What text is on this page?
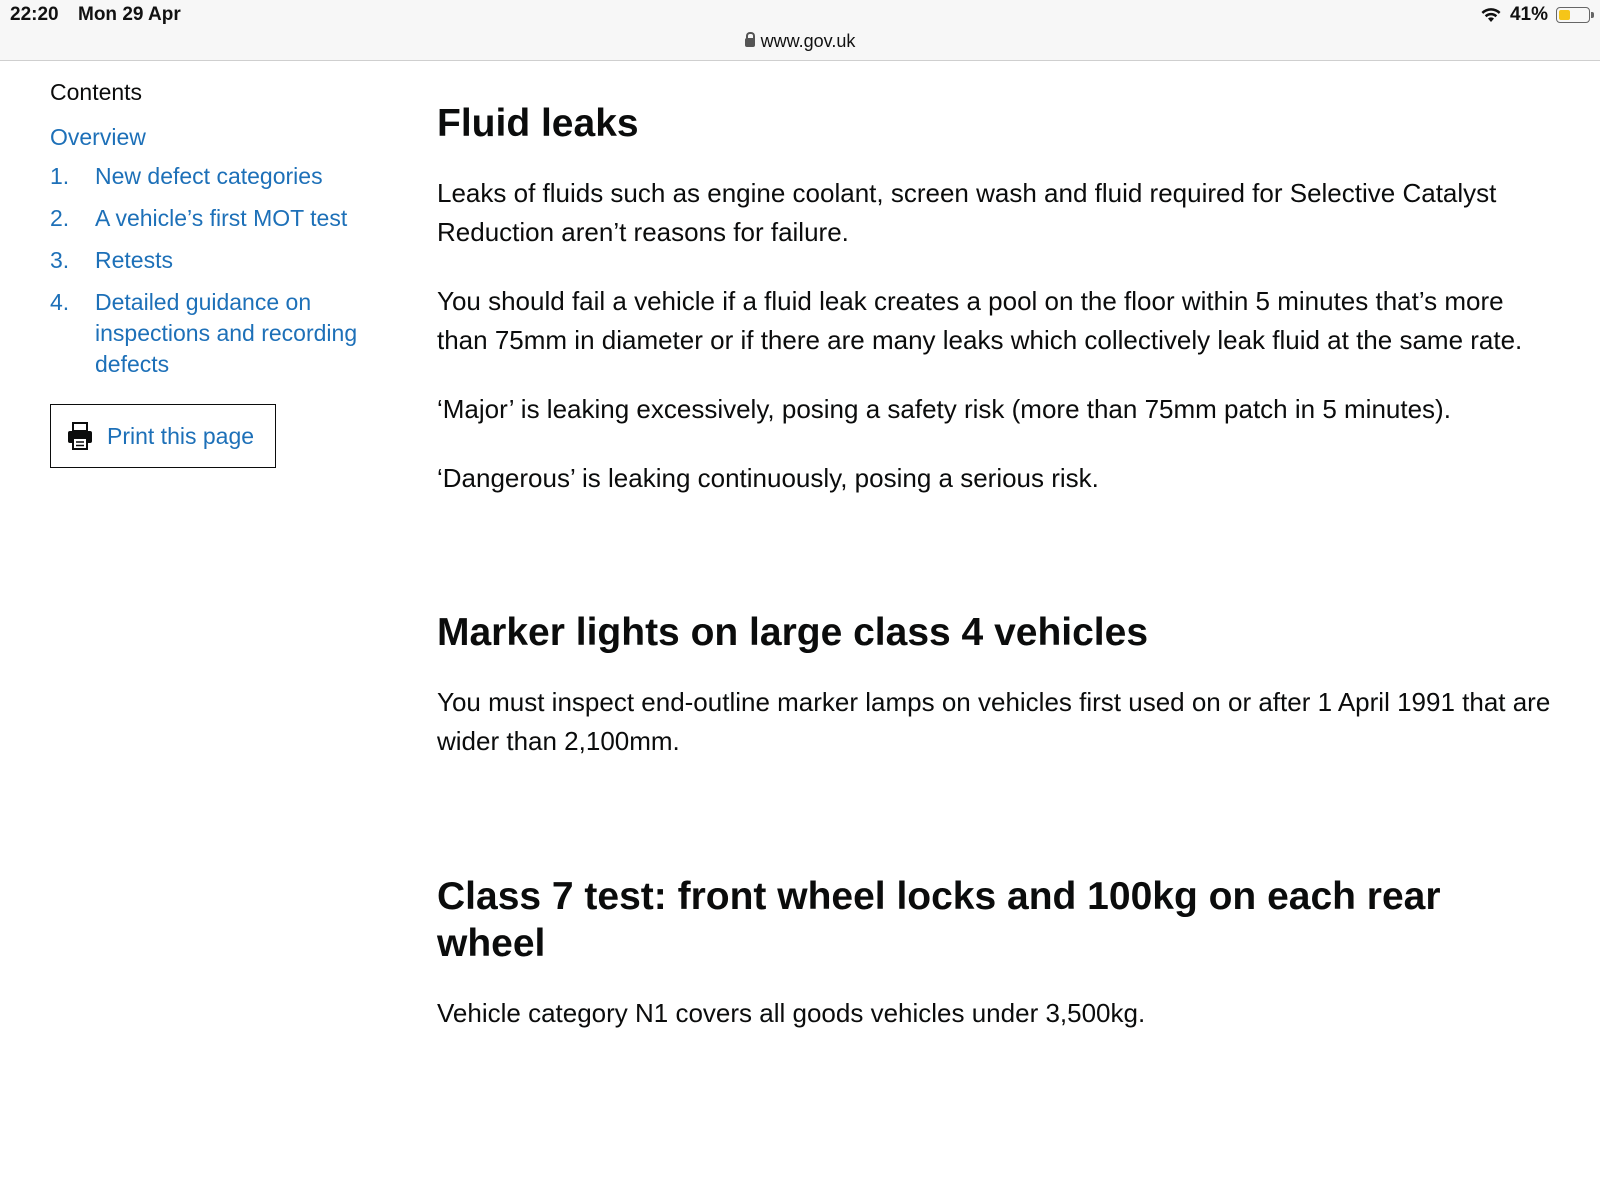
22:20 Mon 29 Apr
www.gov.uk
41%
Contents
Overview
1.	New defect categories
2.	A vehicle’s first MOT test
3.	Retests
4.	Detailed guidance on inspections and recording defects
Print this page
Fluid leaks

Leaks of fluids such as engine coolant, screen wash and fluid required for Selective Catalyst Reduction aren’t reasons for failure.

You should fail a vehicle if a fluid leak creates a pool on the floor within 5 minutes that’s more than 75mm in diameter or if there are many leaks which collectively leak fluid at the same rate.

‘Major’ is leaking excessively, posing a safety risk (more than 75mm patch in 5 minutes).

‘Dangerous’ is leaking continuously, posing a serious risk.

Marker lights on large class 4 vehicles

You must inspect end-outline marker lamps on vehicles first used on or after 1 April 1991 that are wider than 2,100mm.

Class 7 test: front wheel locks and 100kg on each rear wheel

Vehicle category N1 covers all goods vehicles under 3,500kg.
